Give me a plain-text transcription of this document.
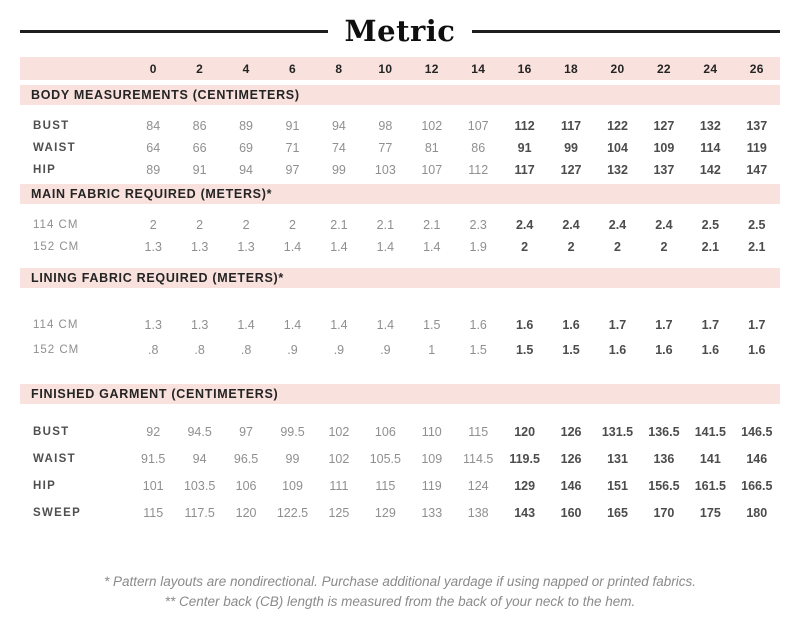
Metric
0	2	4	6	8	10	12	14	16	18	20	22	24	26
BODY MEASUREMENTS (CENTIMETERS)
BUST	84	86	89	91	94	98	102	107	112	117	122	127	132	137
WAIST	64	66	69	71	74	77	81	86	91	99	104	109	114	119
HIP	89	91	94	97	99	103	107	112	117	127	132	137	142	147
MAIN FABRIC REQUIRED (METERS)*
114 CM	2	2	2	2	2.1	2.1	2.1	2.3	2.4	2.4	2.4	2.4	2.5	2.5
152 CM	1.3	1.3	1.3	1.4	1.4	1.4	1.4	1.9	2	2	2	2	2.1	2.1
LINING FABRIC REQUIRED (METERS)*
114 CM	1.3	1.3	1.4	1.4	1.4	1.4	1.5	1.6	1.6	1.6	1.7	1.7	1.7	1.7
152 CM	.8	.8	.8	.9	.9	.9	1	1.5	1.5	1.5	1.6	1.6	1.6	1.6
FINISHED GARMENT (CENTIMETERS)
BUST	92	94.5	97	99.5	102	106	110	115	120	126	131.5	136.5	141.5	146.5
WAIST	91.5	94	96.5	99	102	105.5	109	114.5	119.5	126	131	136	141	146
HIP	101	103.5	106	109	111	115	119	124	129	146	151	156.5	161.5	166.5
SWEEP	115	117.5	120	122.5	125	129	133	138	143	160	165	170	175	180
* Pattern layouts are nondirectional. Purchase additional yardage if using napped or printed fabrics.
** Center back (CB) length is measured from the back of your neck to the hem.
